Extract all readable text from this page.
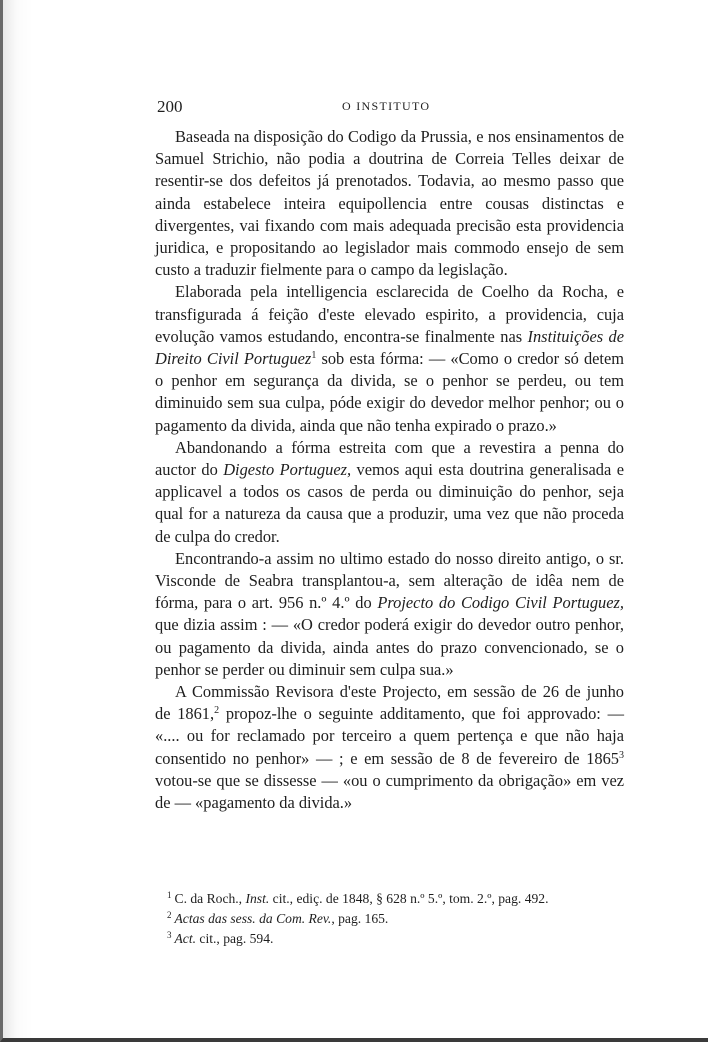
200	O INSTITUTO

Baseada na disposição do Codigo da Prussia, e nos ensinamentos de Samuel Strichio, não podia a doutrina de Correia Telles deixar de resentir-se dos defeitos já prenotados. Todavia, ao mesmo passo que ainda estabelece inteira equipollencia entre cousas distinctas e divergentes, vai fixando com mais adequada precisão esta providencia juridica, e propositando ao legislador mais commodo ensejo de sem custo a traduzir fielmente para o campo da legislação.

Elaborada pela intelligencia esclarecida de Coelho da Rocha, e transfigurada á feição d'este elevado espirito, a providencia, cuja evolução vamos estudando, encontra-se finalmente nas Instituições de Direito Civil Portuguez$^1$ sob esta fórma: — «Como o credor só detem o penhor em segurança da divida, se o penhor se perdeu, ou tem diminuido sem sua culpa, póde exigir do devedor melhor penhor; ou o pagamento da divida, ainda que não tenha expirado o prazo.»

Abandonando a fórma estreita com que a revestira a penna do auctor do Digesto Portuguez, vemos aqui esta doutrina generalisada e applicavel a todos os casos de perda ou diminuição do penhor, seja qual for a natureza da causa que a produzir, uma vez que não proceda de culpa do credor.

Encontrando-a assim no ultimo estado do nosso direito antigo, o sr. Visconde de Seabra transplantou-a, sem alteração de idêa nem de fórma, para o art. 956 n.º 4.º do Projecto do Codigo Civil Portuguez, que dizia assim : — «O credor poderá exigir do devedor outro penhor, ou pagamento da divida, ainda antes do prazo convencionado, se o penhor se perder ou diminuir sem culpa sua.»

A Commissão Revisora d'este Projecto, em sessão de 26 de junho de 1861,$^2$ propoz-lhe o seguinte additamento, que foi approvado: — «.... ou for reclamado por terceiro a quem pertença e que não haja consentido no penhor» — ; e em sessão de 8 de fevereiro de 1865$^3$ votou-se que se dissesse — «ou o cumprimento da obrigação» em vez de — «pagamento da divida.»

$^1$ C. da Roch., Inst. cit., ediç. de 1848, § 628 n.º 5.º, tom. 2.º, pag. 492.

$^2$ Actas das sess. da Com. Rev., pag. 165.

$^3$ Act. cit., pag. 594.
